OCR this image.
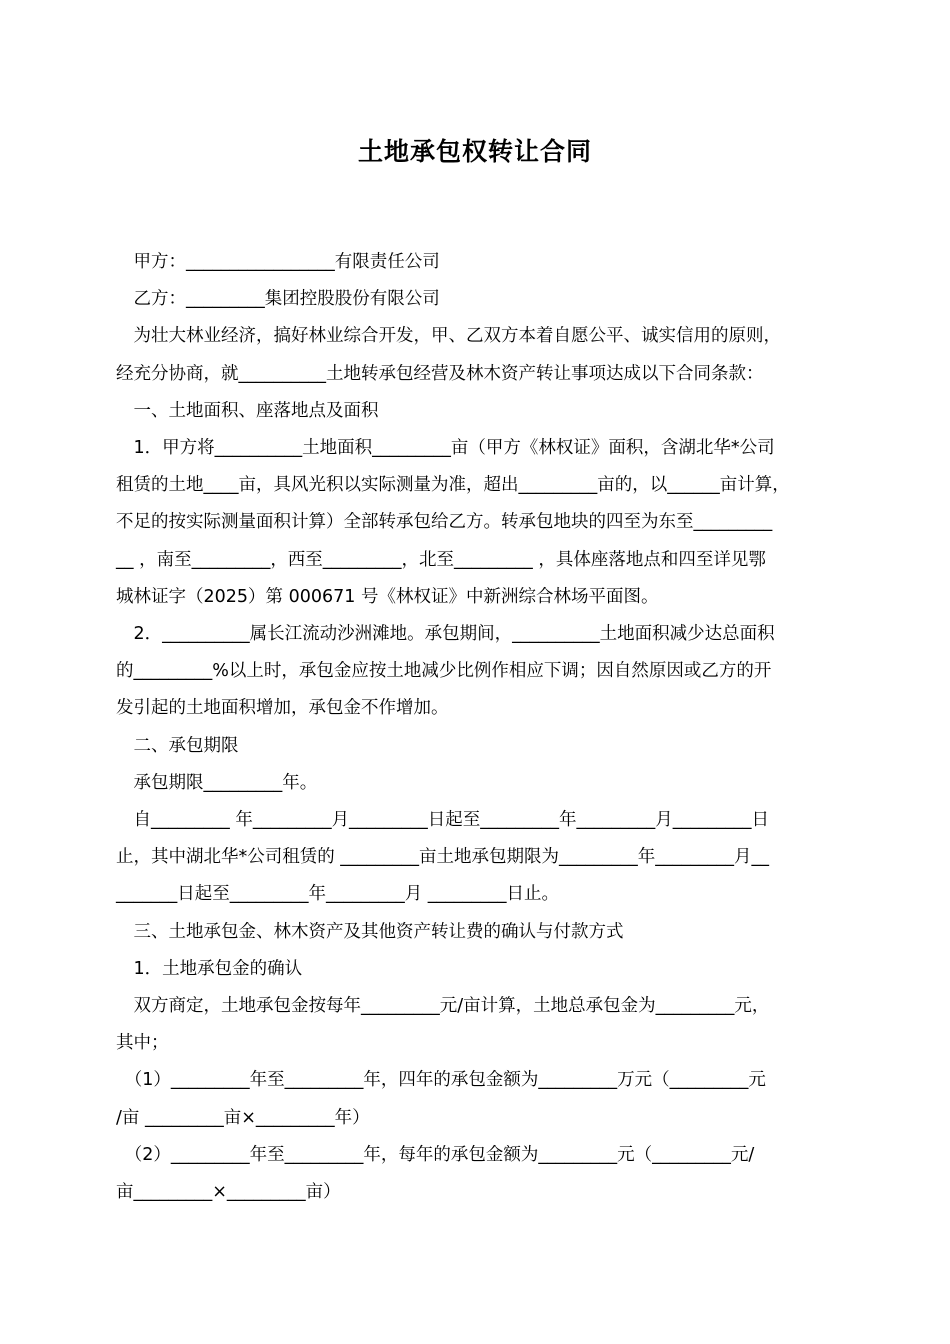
土地承包权转让合同

　甲方：_________________有限责任公司

　乙方：_________集团控股股份有限公司

　为壮大林业经济，搞好林业综合开发，甲、乙双方本着自愿公平、诚实信用的原则，

经充分协商，就__________土地转承包经营及林木资产转让事项达成以下合同条款：

　一、土地面积、座落地点及面积

　1．甲方将__________土地面积_________亩（甲方《林权证》面积，含湖北华*公司

租赁的土地____亩，具风光积以实际测量为准，超出_________亩的，以______亩计算，

不足的按实际测量面积计算）全部转承包给乙方。转承包地块的四至为东至_________

__ ，南至_________，西至_________，北至_________ ，具体座落地点和四至详见鄂

城林证字（2025）第 000671 号《林权证》中新洲综合林场平面图。

　2．__________属长江流动沙洲滩地。承包期间，__________土地面积减少达总面积

的_________%以上时，承包金应按土地减少比例作相应下调；因自然原因或乙方的开

发引起的土地面积增加，承包金不作增加。

　二、承包期限

　承包期限_________年。

　自_________ 年_________月_________日起至_________年_________月_________日

止，其中湖北华*公司租赁的 _________亩土地承包期限为_________年_________月__

_______日起至_________年_________月 _________日止。

　三、土地承包金、林木资产及其他资产转让费的确认与付款方式

　1．土地承包金的确认

　双方商定，土地承包金按每年_________元/亩计算，土地总承包金为_________元，

其中；

　（1）_________年至_________年，四年的承包金额为_________万元（_________元

/亩 _________亩×_________年）

　（2）_________年至_________年，每年的承包金额为_________元（_________元/

亩_________×_________亩）
